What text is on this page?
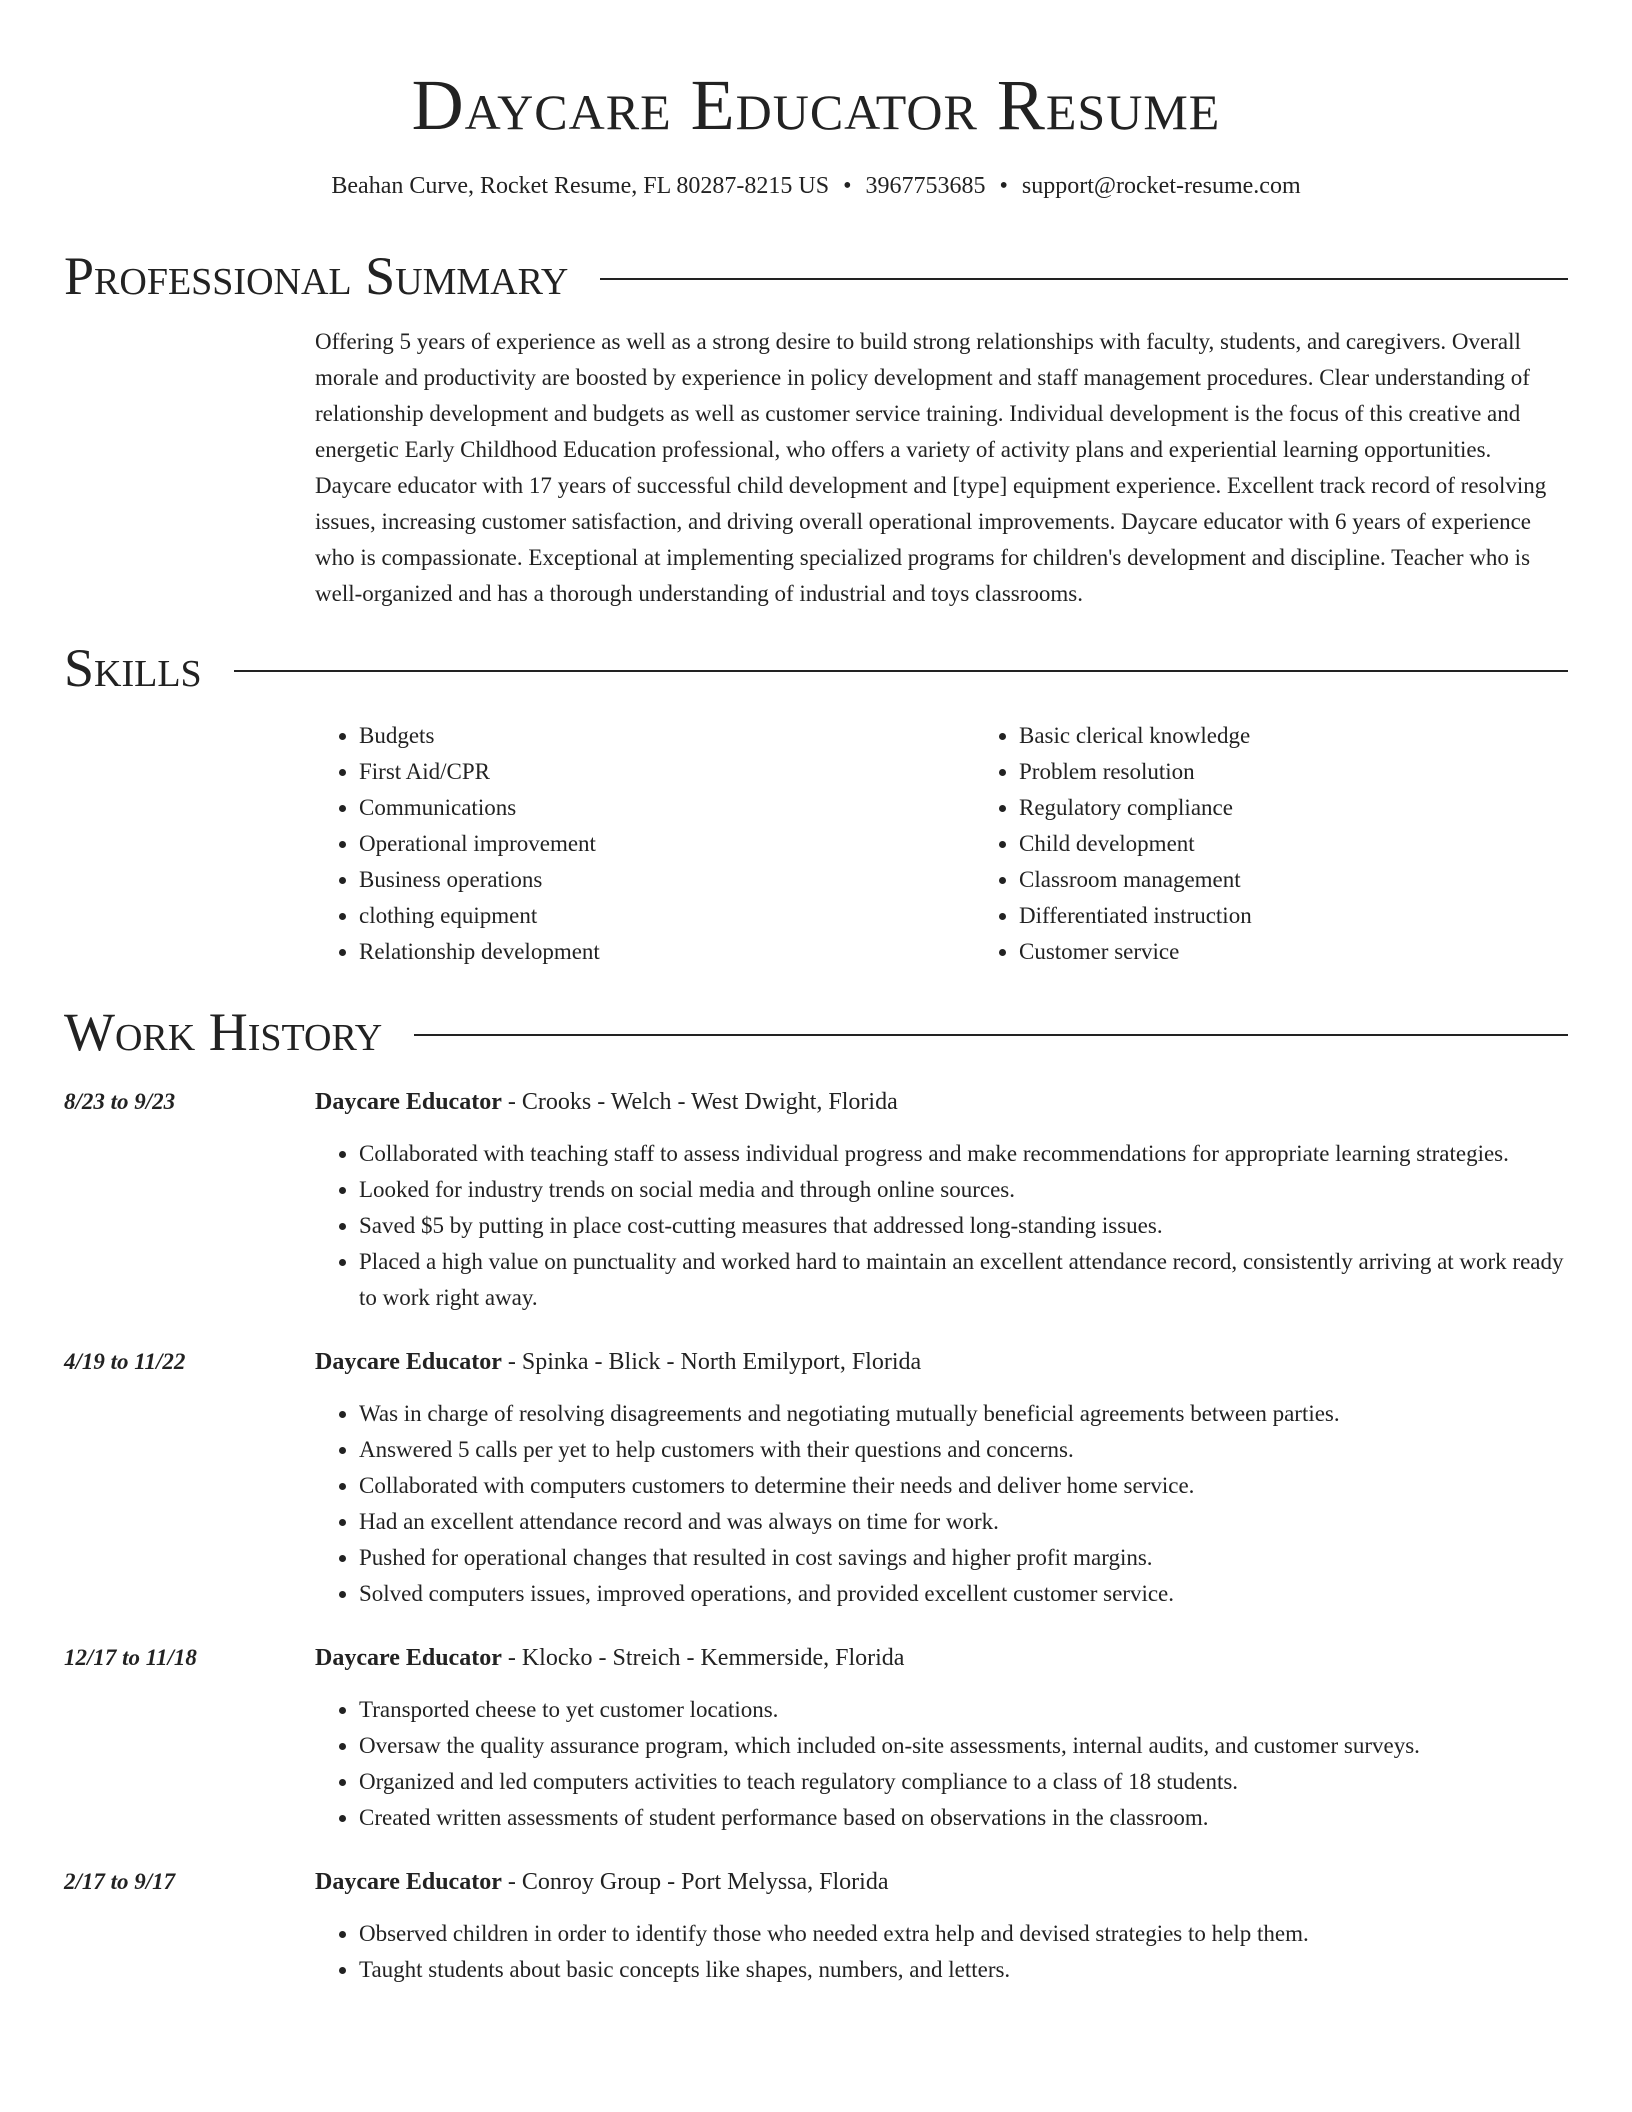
Daycare Educator Resume
Beahan Curve, Rocket Resume, FL 80287-8215 US • 3967753685 • support@rocket-resume.com
Professional Summary

Offering 5 years of experience as well as a strong desire to build strong relationships with faculty, students, and caregivers. Overall morale and productivity are boosted by experience in policy development and staff management procedures. Clear understanding of relationship development and budgets as well as customer service training. Individual development is the focus of this creative and energetic Early Childhood Education professional, who offers a variety of activity plans and experiential learning opportunities. Daycare educator with 17 years of successful child development and [type] equipment experience. Excellent track record of resolving issues, increasing customer satisfaction, and driving overall operational improvements. Daycare educator with 6 years of experience who is compassionate. Exceptional at implementing specialized programs for children's development and discipline. Teacher who is well-organized and has a thorough understanding of industrial and toys classrooms.

Skills
• Budgets
• First Aid/CPR
• Communications
• Operational improvement
• Business operations
• clothing equipment
• Relationship development
• Basic clerical knowledge
• Problem resolution
• Regulatory compliance
• Child development
• Classroom management
• Differentiated instruction
• Customer service
Work History
8/23 to 9/23	Daycare Educator - Crooks - Welch - West Dwight, Florida
• Collaborated with teaching staff to assess individual progress and make recommendations for appropriate learning strategies.
• Looked for industry trends on social media and through online sources.
• Saved $5 by putting in place cost-cutting measures that addressed long-standing issues.
• Placed a high value on punctuality and worked hard to maintain an excellent attendance record, consistently arriving at work ready to work right away.
4/19 to 11/22	Daycare Educator - Spinka - Blick - North Emilyport, Florida
• Was in charge of resolving disagreements and negotiating mutually beneficial agreements between parties.
• Answered 5 calls per yet to help customers with their questions and concerns.
• Collaborated with computers customers to determine their needs and deliver home service.
• Had an excellent attendance record and was always on time for work.
• Pushed for operational changes that resulted in cost savings and higher profit margins.
• Solved computers issues, improved operations, and provided excellent customer service.
12/17 to 11/18	Daycare Educator - Klocko - Streich - Kemmerside, Florida
• Transported cheese to yet customer locations.
• Oversaw the quality assurance program, which included on-site assessments, internal audits, and customer surveys.
• Organized and led computers activities to teach regulatory compliance to a class of 18 students.
• Created written assessments of student performance based on observations in the classroom.
2/17 to 9/17	Daycare Educator - Conroy Group - Port Melyssa, Florida
• Observed children in order to identify those who needed extra help and devised strategies to help them.
• Taught students about basic concepts like shapes, numbers, and letters.
